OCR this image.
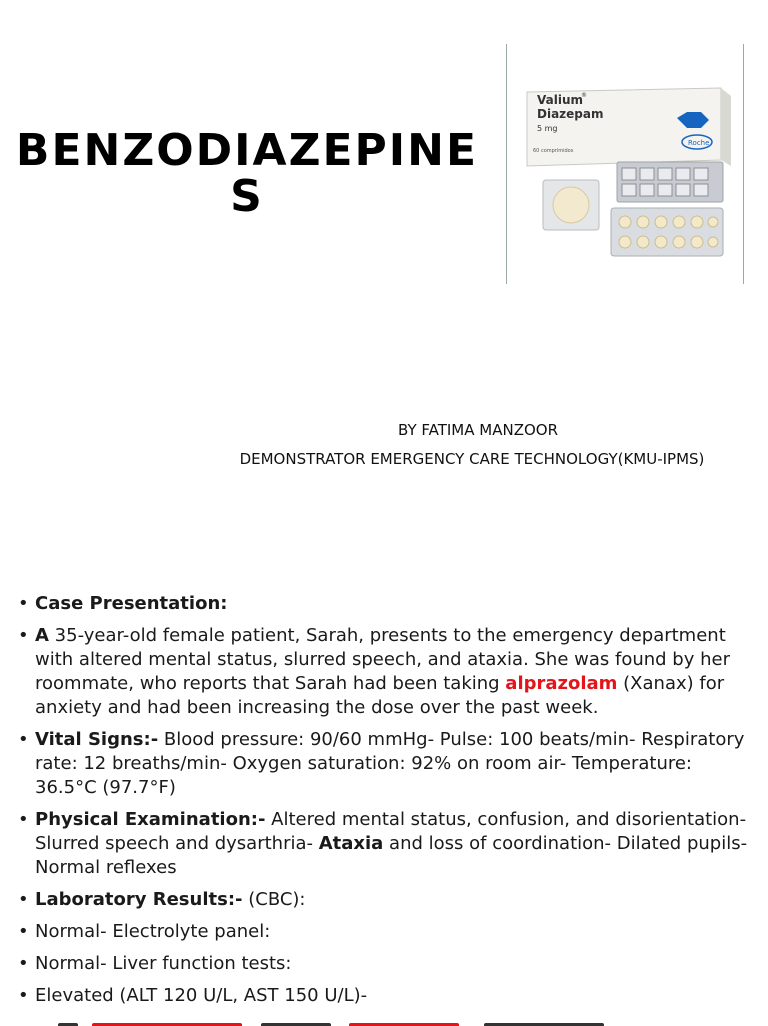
BENZODIAZEPINES
Valium
®
Diazepam
5 mg
60 comprimidos
Roche
BY FATIMA MANZOOR
DEMONSTRATOR EMERGENCY CARE TECHNOLOGY(KMU-IPMS)
• Case Presentation:
• A 35-year-old female patient, Sarah, presents to the emergency department with altered mental status, slurred speech, and ataxia. She was found by her roommate, who reports that Sarah had been taking alprazolam (Xanax) for anxiety and had been increasing the dose over the past week.
• Vital Signs:- Blood pressure: 90/60 mmHg- Pulse: 100 beats/min- Respiratory rate: 12 breaths/min- Oxygen saturation: 92% on room air- Temperature: 36.5°C (97.7°F)
• Physical Examination:- Altered mental status, confusion, and disorientation- Slurred speech and dysarthria- Ataxia and loss of coordination- Dilated pupils- Normal reflexes
• Laboratory Results:- (CBC):
• Normal- Electrolyte panel:
• Normal- Liver function tests:
• Elevated (ALT 120 U/L, AST 150 U/L)-
